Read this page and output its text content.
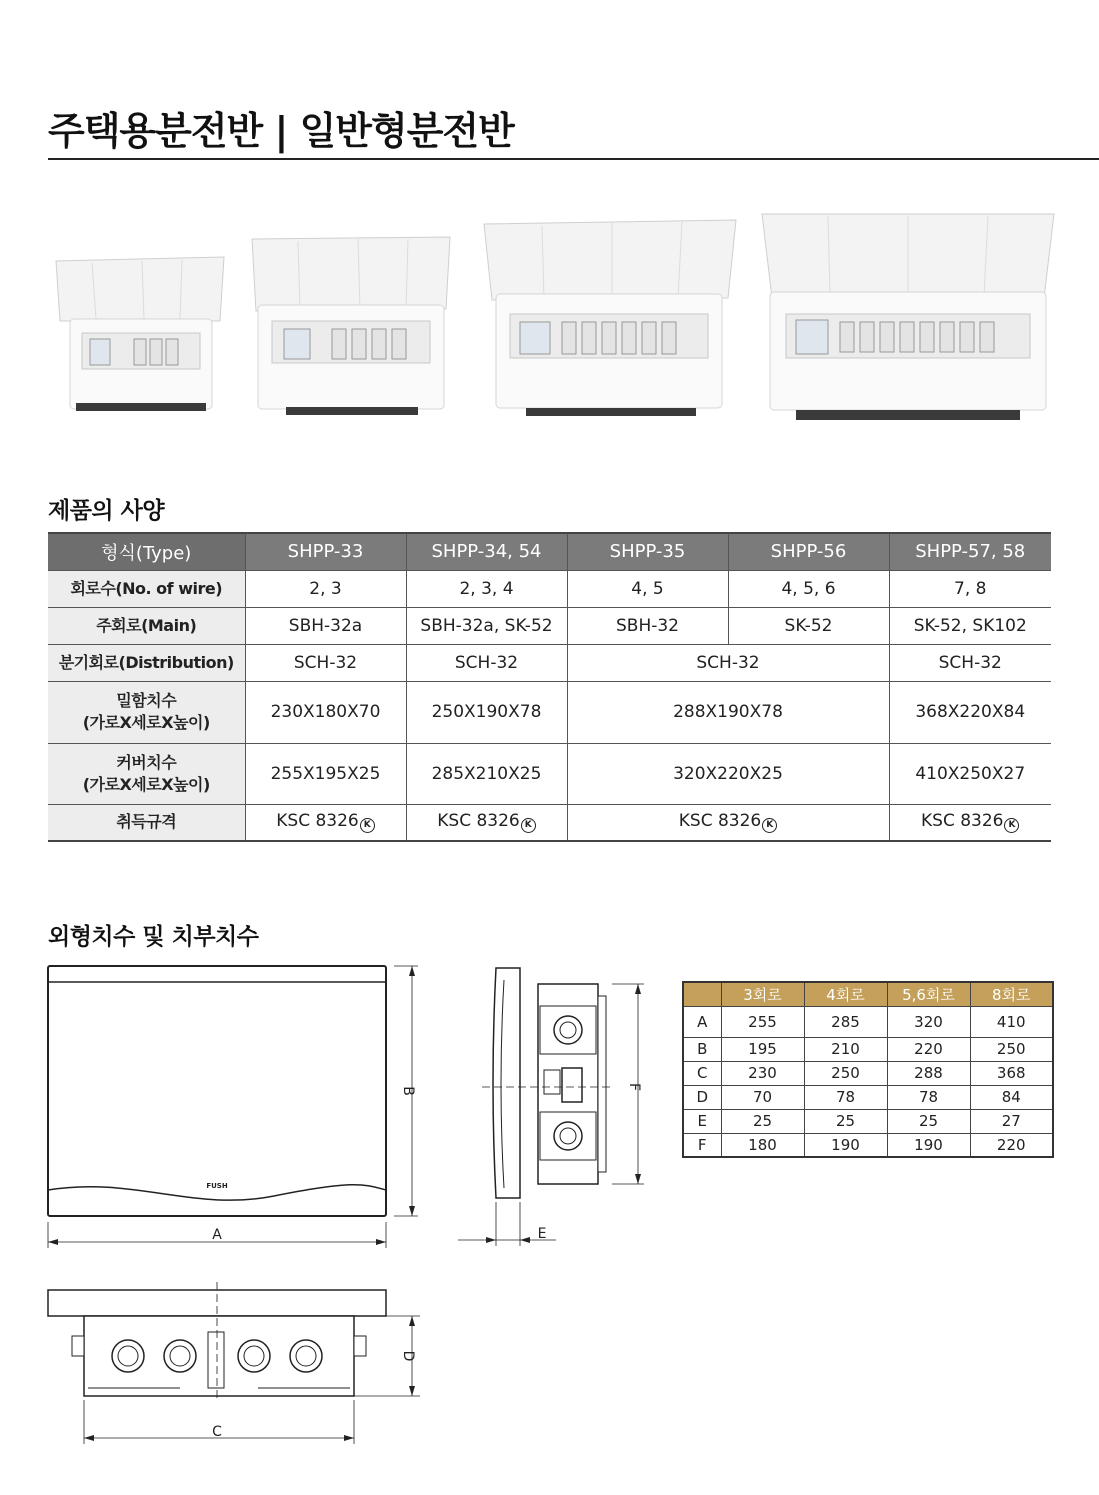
주택용분전반 | 일반형분전반
제품의 사양
형식(Type)	SHPP-33	SHPP-34, 54	SHPP-35	SHPP-56	SHPP-57, 58
회로수(No. of wire)	2, 3	2, 3, 4	4, 5	4, 5, 6	7, 8
주회로(Main)	SBH-32a	SBH-32a, SK-52	SBH-32	SK-52	SK-52, SK102
분기회로(Distribution)	SCH-32	SCH-32	SCH-32		SCH-32
밀함치수
(가로X세로X높이)	230X180X70	250X190X78	288X190X78		368X220X84
커버치수
(가로X세로X높이)	255X195X25	285X210X25	320X220X25		410X250X27
취득규격	KSC 8326 K	KSC 8326 K	KSC 8326 K		KSC 8326 K
외형치수 및 치부치수
FUSH
B
A
F
E
D
C
	3회로	4회로	5,6회로	8회로
A	255	285	320	410
B	195	210	220	250
C	230	250	288	368
D	70	78	78	84
E	25	25	25	27
F	180	190	190	220
